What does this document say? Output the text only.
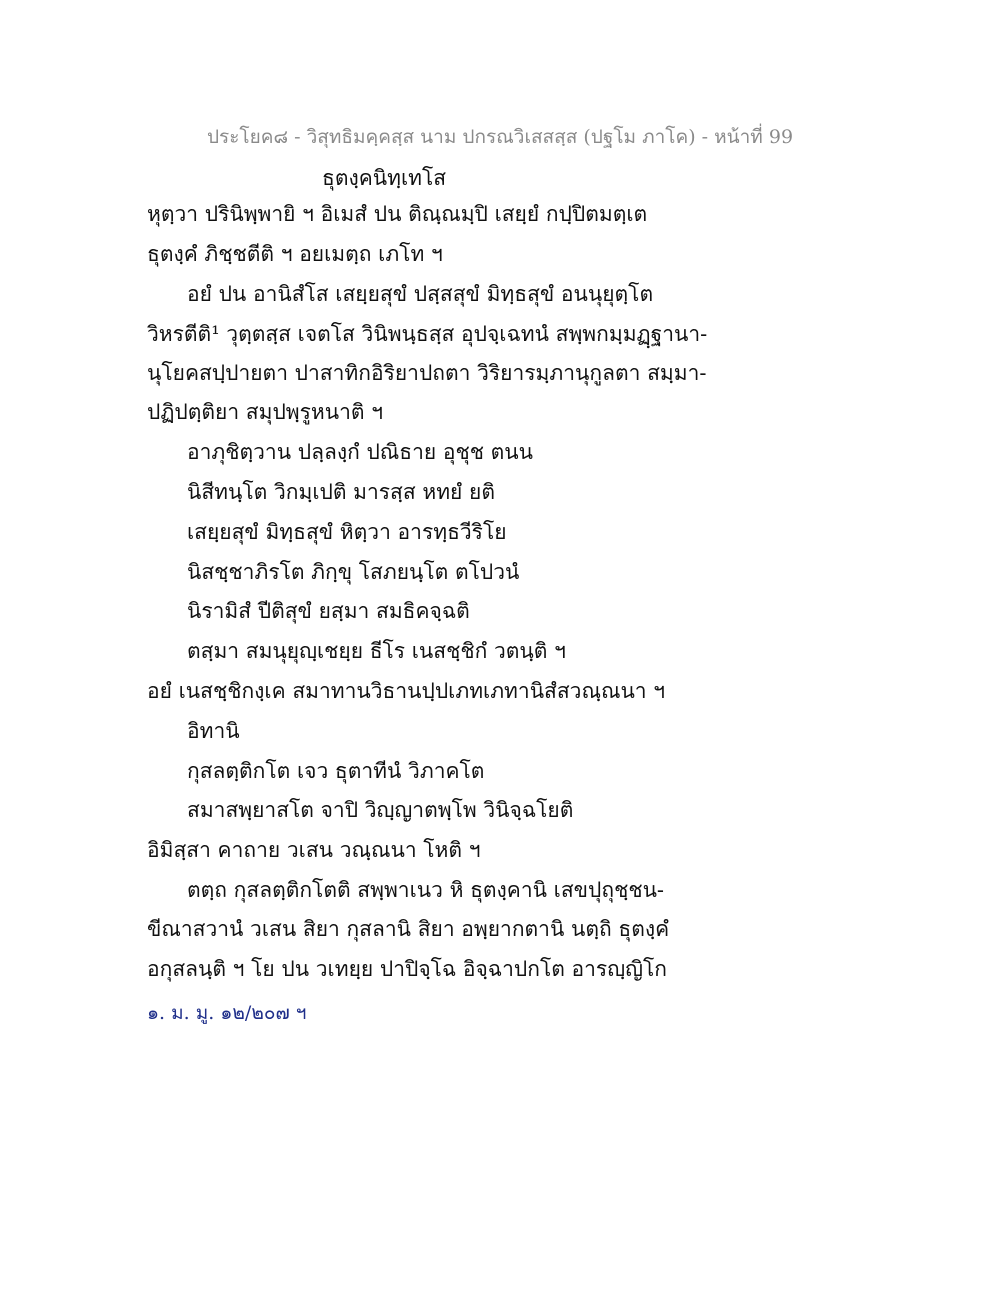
ประโยค๘ - วิสุทธิมคฺคสฺส นาม ปกรณวิเสสสฺส (ปฐโม ภาโค) - หน้าที่ 99
ธุตงฺคนิทฺเทโส
หุตฺวา ปรินิพฺพายิ ฯ อิเมสํ ปน ติณฺณมฺปิ เสยฺยํ กปฺปิตมตฺเต
ธุตงฺคํ ภิชฺชตีติ ฯ อยเมตฺถ เภโท ฯ
อยํ ปน อานิสํโส เสยฺยสุขํ ปสฺสสุขํ มิทฺธสุขํ อนนุยุตฺโต
วิหรตีติ¹ วุตฺตสฺส เจตโส วินิพนฺธสฺส อุปจฺเฉทนํ สพฺพกมฺมฏฺฐานา-
นุโยคสปฺปายตา ปาสาทิกอิริยาปถตา วิริยารมฺภานุกูลตา สมฺมา-
ปฏิปตฺติยา สมุปพฺรูหนาติ ฯ
อาภุชิตฺวาน ปลฺลงฺกํ ปณิธาย อุชุช ตนน
นิสีทนฺโต วิกมฺเปติ มารสฺส หทยํ ยติ
เสยฺยสุขํ มิทฺธสุขํ หิตฺวา อารทฺธวีริโย
นิสชฺชาภิรโต ภิกฺขุ โสภยนฺโต ตโปวนํ
นิรามิสํ ปีติสุขํ ยสฺมา สมธิคจฺฉติ
ตสฺมา สมนุยุญฺเชยฺย ธีโร เนสชฺชิกํ วตนฺติ ฯ
อยํ เนสชฺชิกงฺเค สมาทานวิธานปฺปเภทเภทานิสํสวณฺณนา ฯ
อิทานิ
กุสลตฺติกโต เจว ธุตาทีนํ วิภาคโต
สมาสพฺยาสโต จาปิ วิญฺญาตพฺโพ วินิจฺฉโยติ
อิมิสฺสา คาถาย วเสน วณฺณนา โหติ ฯ
ตตฺถ กุสลตฺติกโตติ สพฺพาเนว หิ ธุตงฺคานิ เสขปุถุชฺชน-
ขีณาสวานํ วเสน สิยา กุสลานิ สิยา อพฺยากตานิ นตฺถิ ธุตงฺคํ
อกุสลนฺติ ฯ โย ปน วเทยฺย ปาปิจฺโฉ อิจฺฉาปกโต อารญฺญิโก
๑. ม. มู. ๑๒/๒๐๗ ฯ
